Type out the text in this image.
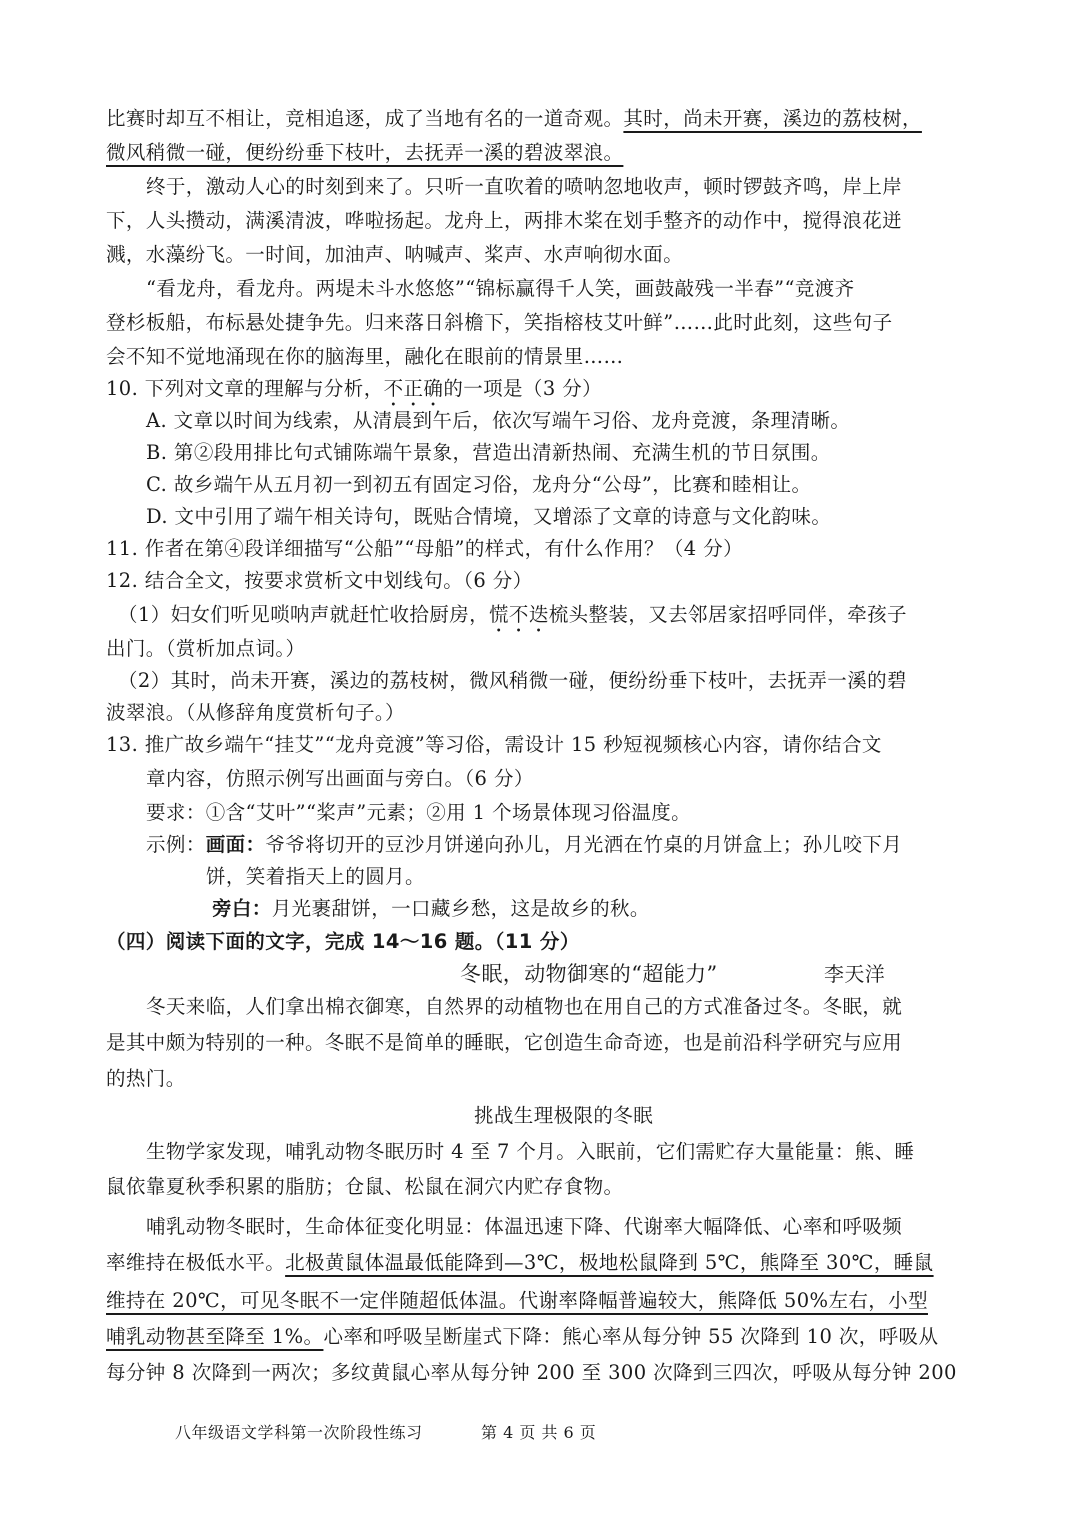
比赛时却互不相让，竞相追逐，成了当地有名的一道奇观。其时，尚未开赛，溪边的荔枝树，
微风稍微一碰，便纷纷垂下枝叶，去抚弄一溪的碧波翠浪。
终于，激动人心的时刻到来了。只听一直吹着的喷呐忽地收声，顿时锣鼓齐鸣，岸上岸
下，人头攒动，满溪清波，哗啦扬起。龙舟上，两排木桨在划手整齐的动作中，搅得浪花迸
溅，水藻纷飞。一时间，加油声、呐喊声、桨声、水声响彻水面。
“看龙舟，看龙舟。两堤未斗水悠悠”“锦标赢得千人笑，画鼓敲残一半春”“竞渡齐
登杉板船，布标悬处捷争先。归来落日斜檐下，笑指榕枝艾叶鲜”……此时此刻，这些句子
会不知不觉地涌现在你的脑海里，融化在眼前的情景里……
10. 下列对文章的理解与分析，不正确的一项是（3 分）
A. 文章以时间为线索，从清晨到午后，依次写端午习俗、龙舟竞渡，条理清晰。
B. 第②段用排比句式铺陈端午景象，营造出清新热闹、充满生机的节日氛围。
C. 故乡端午从五月初一到初五有固定习俗，龙舟分“公母”，比赛和睦相让。
D. 文中引用了端午相关诗句，既贴合情境，又增添了文章的诗意与文化韵味。
11. 作者在第④段详细描写“公船”“母船”的样式，有什么作用？（4 分）
12. 结合全文，按要求赏析文中划线句。（6 分）
（1）妇女们听见唢呐声就赶忙收拾厨房，慌不迭梳头整装，又去邻居家招呼同伴，牵孩子
出门。（赏析加点词。）
（2）其时，尚未开赛，溪边的荔枝树，微风稍微一碰，便纷纷垂下枝叶，去抚弄一溪的碧
波翠浪。（从修辞角度赏析句子。）
13. 推广故乡端午“挂艾”“龙舟竞渡”等习俗，需设计 15 秒短视频核心内容，请你结合文
章内容，仿照示例写出画面与旁白。（6 分）
要求：①含“艾叶”“桨声”元素；②用 1 个场景体现习俗温度。
示例：画面：爷爷将切开的豆沙月饼递向孙儿，月光洒在竹桌的月饼盒上；孙儿咬下月
饼，笑着指天上的圆月。
旁白：月光裹甜饼，一口藏乡愁，这是故乡的秋。
（四）阅读下面的文字，完成 14～16 题。（11 分）
冬眠，动物御寒的“超能力”	李天洋
冬天来临，人们拿出棉衣御寒，自然界的动植物也在用自己的方式准备过冬。冬眠，就
是其中颇为特别的一种。冬眠不是简单的睡眠，它创造生命奇迹，也是前沿科学研究与应用
的热门。
挑战生理极限的冬眠
生物学家发现，哺乳动物冬眠历时 4 至 7 个月。入眠前，它们需贮存大量能量：熊、睡
鼠依靠夏秋季积累的脂肪；仓鼠、松鼠在洞穴内贮存食物。
哺乳动物冬眠时，生命体征变化明显：体温迅速下降、代谢率大幅降低、心率和呼吸频
率维持在极低水平。北极黄鼠体温最低能降到—3℃，极地松鼠降到 5℃，熊降至 30℃，睡鼠
维持在 20℃，可见冬眠不一定伴随超低体温。代谢率降幅普遍较大，熊降低 50%左右，小型
哺乳动物甚至降至 1%。心率和呼吸呈断崖式下降：熊心率从每分钟 55 次降到 10 次，呼吸从
每分钟 8 次降到一两次；多纹黄鼠心率从每分钟 200 至 300 次降到三四次，呼吸从每分钟 200
八年级语文学科第一次阶段性练习	第 4 页 共 6 页
